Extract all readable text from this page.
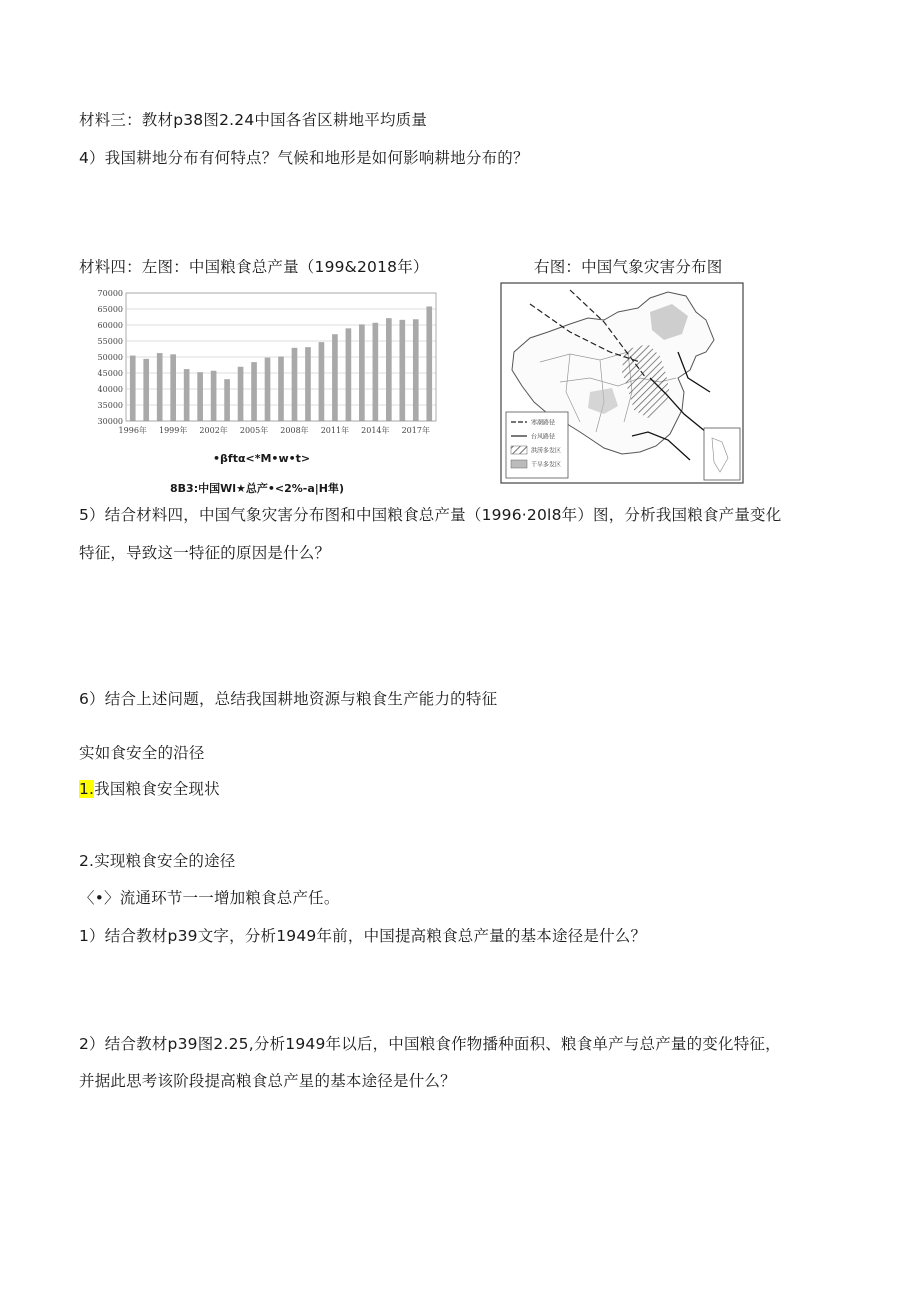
材料三：教材p38图2.24中国各省区耕地平均质量
4）我国耕地分布有何特点？气候和地形是如何影响耕地分布的？
材料四：左图：中国粮食总产量（199&2018年）	右图：中国气象灾害分布图
30000
35000
40000
45000
50000
55000
60000
65000
70000
1996年 1999年 2002年 2005年 2008年 2011年 2014年 2017年
•βftα<*M•w•t>
8B3:中国Wl★总产•<2%-a|H隼)
寒潮路径
台风路径
洪涝多发区
干旱多发区
5）结合材料四，中国气象灾害分布图和中国粮食总产量（1996·20l8年）图，分析我国粮食产量变化
特征，导致这一特征的原因是什么？
6）结合上述问题，总结我国耕地资源与粮食生产能力的特征
实如食安全的沿径
1.我国粮食安全现状
2.实现粮食安全的途径
〈•〉流通环节一一增加粮食总产任。
1）结合教材p39文字，分析1949年前，中国提高粮食总产量的基本途径是什么？
2）结合教材p39图2.25,分析1949年以后，中国粮食作物播种面积、粮食单产与总产量的变化特征，
并据此思考该阶段提高粮食总产星的基本途径是什么？
